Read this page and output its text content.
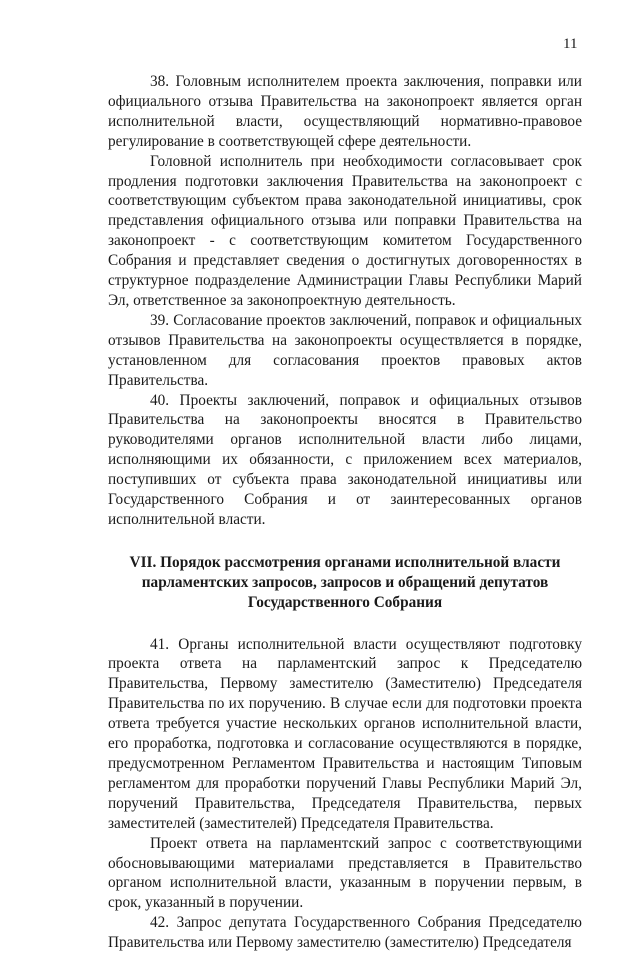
11

38. Головным исполнителем проекта заключения, поправки или официального отзыва Правительства на законопроект является орган исполнительной власти, осуществляющий нормативно-правовое регулирование в соответствующей сфере деятельности.

Головной исполнитель при необходимости согласовывает срок продления подготовки заключения Правительства на законопроект с соответствующим субъектом права законодательной инициативы, срок представления официального отзыва или поправки Правительства на законопроект - с соответствующим комитетом Государственного Собрания и представляет сведения о достигнутых договоренностях в структурное подразделение Администрации Главы Республики Марий Эл, ответственное за законопроектную деятельность.

39. Согласование проектов заключений, поправок и официальных отзывов Правительства на законопроекты осуществляется в порядке, установленном для согласования проектов правовых актов Правительства.

40. Проекты заключений, поправок и официальных отзывов Правительства на законопроекты вносятся в Правительство руководителями органов исполнительной власти либо лицами, исполняющими их обязанности, с приложением всех материалов, поступивших от субъекта права законодательной инициативы или Государственного Собрания и от заинтересованных органов исполнительной власти.

VII. Порядок рассмотрения органами исполнительной власти
парламентских запросов, запросов и обращений депутатов
Государственного Собрания

41. Органы исполнительной власти осуществляют подготовку проекта ответа на парламентский запрос к Председателю Правительства, Первому заместителю (Заместителю) Председателя Правительства по их поручению. В случае если для подготовки проекта ответа требуется участие нескольких органов исполнительной власти, его проработка, подготовка и согласование осуществляются в порядке, предусмотренном Регламентом Правительства и настоящим Типовым регламентом для проработки поручений Главы Республики Марий Эл, поручений Правительства, Председателя Правительства, первых заместителей (заместителей) Председателя Правительства.

Проект ответа на парламентский запрос с соответствующими обосновывающими материалами представляется в Правительство органом исполнительной власти, указанным в поручении первым, в срок, указанный в поручении.

42. Запрос депутата Государственного Собрания Председателю Правительства или Первому заместителю (заместителю) Председателя
